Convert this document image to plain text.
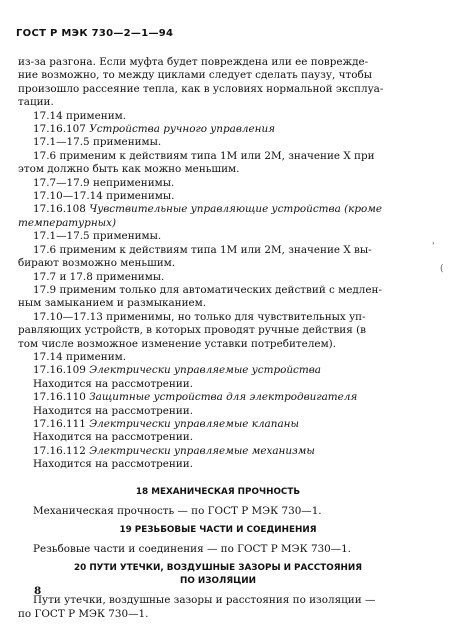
ГОСТ Р МЭК 730—2—1—94

из-за разгона. Если муфта будет повреждена или ее поврежде-

ние возможно, то между циклами следует сделать паузу, чтобы

произошло рассеяние тепла, как в условиях нормальной эксплуа-

тации.

17.14 применим.

17.16.107 Устройства ручного управления

17.1—17.5 применимы.

17.6 применим к действиям типа 1М или 2М, значение X при

этом должно быть как можно меньшим.

17.7—17.9 неприменимы.

17.10—17.14 применимы.

17.16.108 Чувствительные управляющие устройства (кроме

температурных)

17.1—17.5 применимы.

17.6 применим к действиям типа 1М или 2М, значение X вы-

бирают возможно меньшим.

17.7 и 17.8 применимы.

17.9 применим только для автоматических действий с медлен-

ным замыканием и размыканием.

17.10—17.13 применимы, но только для чувствительных уп-

равляющих устройств, в которых проводят ручные действия (в

том числе возможное изменение уставки потребителем).

17.14 применим.

17.16.109 Электрически управляемые устройства

Находится на рассмотрении.

17.16.110 Защитные устройства для электродвигателя

Находится на рассмотрении.

17.16.111 Электрически управляемые клапаны

Находится на рассмотрении.

17.16.112 Электрически управляемые механизмы

Находится на рассмотрении.

18 МЕХАНИЧЕСКАЯ ПРОЧНОСТЬ

Механическая прочность — по ГОСТ Р МЭК 730—1.

19 РЕЗЬБОВЫЕ ЧАСТИ И СОЕДИНЕНИЯ

Резьбовые части и соединения — по ГОСТ Р МЭК 730—1.

20 ПУТИ УТЕЧКИ, ВОЗДУШНЫЕ ЗАЗОРЫ И РАССТОЯНИЯ

ПО ИЗОЛЯЦИИ

Пути утечки, воздушные зазоры и расстояния по изоляции —

по ГОСТ Р МЭК 730—1.

8
'
(
